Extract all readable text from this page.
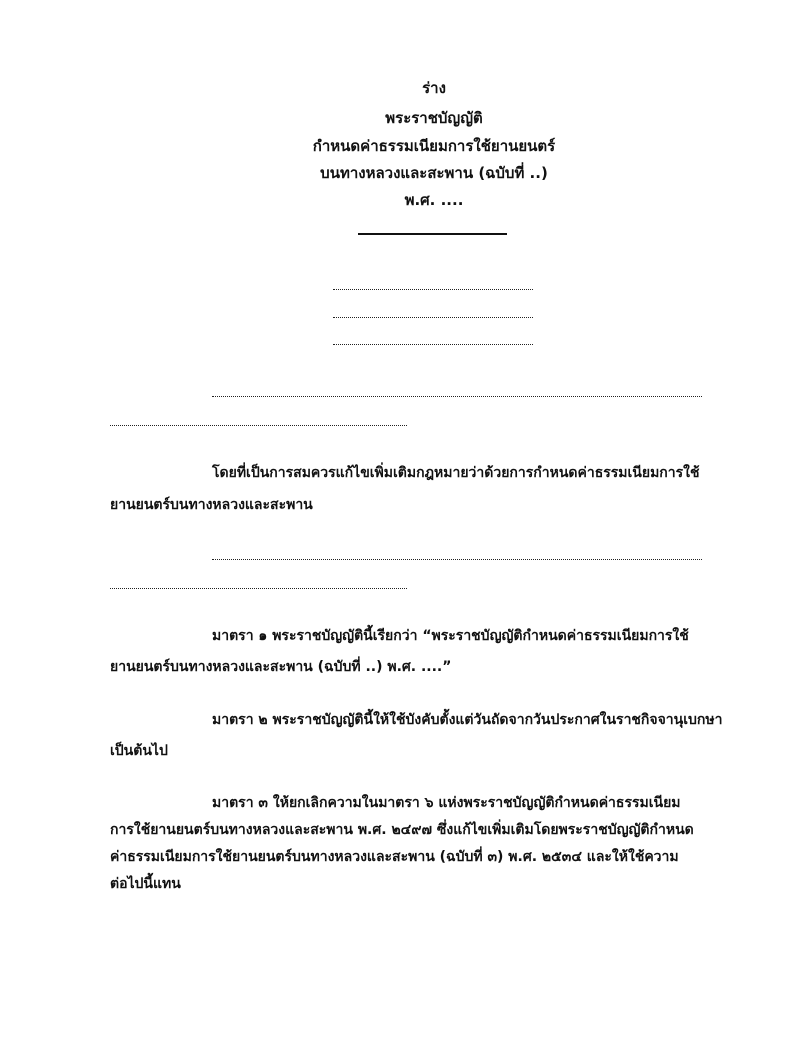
ร่าง
พระราชบัญญัติ
กำหนดค่าธรรมเนียมการใช้ยานยนตร์
บนทางหลวงและสะพาน (ฉบับที่ ..)
พ.ศ. ....
โดยที่เป็นการสมควรแก้ไขเพิ่มเติมกฎหมายว่าด้วยการกำหนดค่าธรรมเนียมการใช้
ยานยนตร์บนทางหลวงและสะพาน
มาตรา ๑ พระราชบัญญัตินี้เรียกว่า “พระราชบัญญัติกำหนดค่าธรรมเนียมการใช้
ยานยนตร์บนทางหลวงและสะพาน (ฉบับที่ ..) พ.ศ. ....”
มาตรา ๒ พระราชบัญญัตินี้ให้ใช้บังคับตั้งแต่วันถัดจากวันประกาศในราชกิจจานุเบกษา
เป็นต้นไป
มาตรา ๓ ให้ยกเลิกความในมาตรา ๖ แห่งพระราชบัญญัติกำหนดค่าธรรมเนียม
การใช้ยานยนตร์บนทางหลวงและสะพาน พ.ศ. ๒๔๙๗ ซึ่งแก้ไขเพิ่มเติมโดยพระราชบัญญัติกำหนด
ค่าธรรมเนียมการใช้ยานยนตร์บนทางหลวงและสะพาน (ฉบับที่ ๓) พ.ศ. ๒๕๓๔ และให้ใช้ความ
ต่อไปนี้แทน
